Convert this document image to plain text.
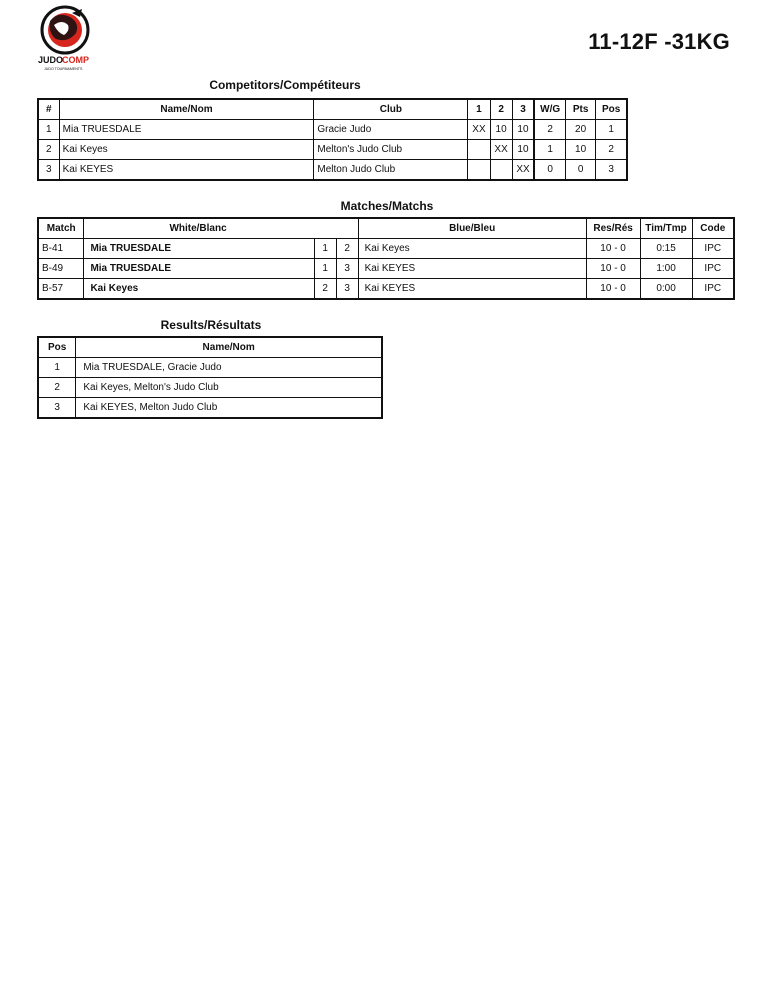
JUDO
COMP
JUDO TOURNAMENTS
11-12F -31KG
Competitors/Compétiteurs
#	Name/Nom	Club	1	2	3	W/G	Pts	Pos
1	Mia TRUESDALE	Gracie Judo	XX	10	10	2	20	1
2	Kai Keyes	Melton's Judo Club		XX	10	1	10	2
3	Kai KEYES	Melton Judo Club			XX	0	0	3
Matches/Matchs
Match	White/Blanc			Blue/Bleu	Res/Rés	Tim/Tmp	Code
B-41	Mia TRUESDALE	1	2	Kai Keyes	10 - 0	0:15	IPC
B-49	Mia TRUESDALE	1	3	Kai KEYES	10 - 0	1:00	IPC
B-57	Kai Keyes	2	3	Kai KEYES	10 - 0	0:00	IPC
Results/Résultats
Pos	Name/Nom
1	Mia TRUESDALE, Gracie Judo
2	Kai Keyes, Melton's Judo Club
3	Kai KEYES, Melton Judo Club
